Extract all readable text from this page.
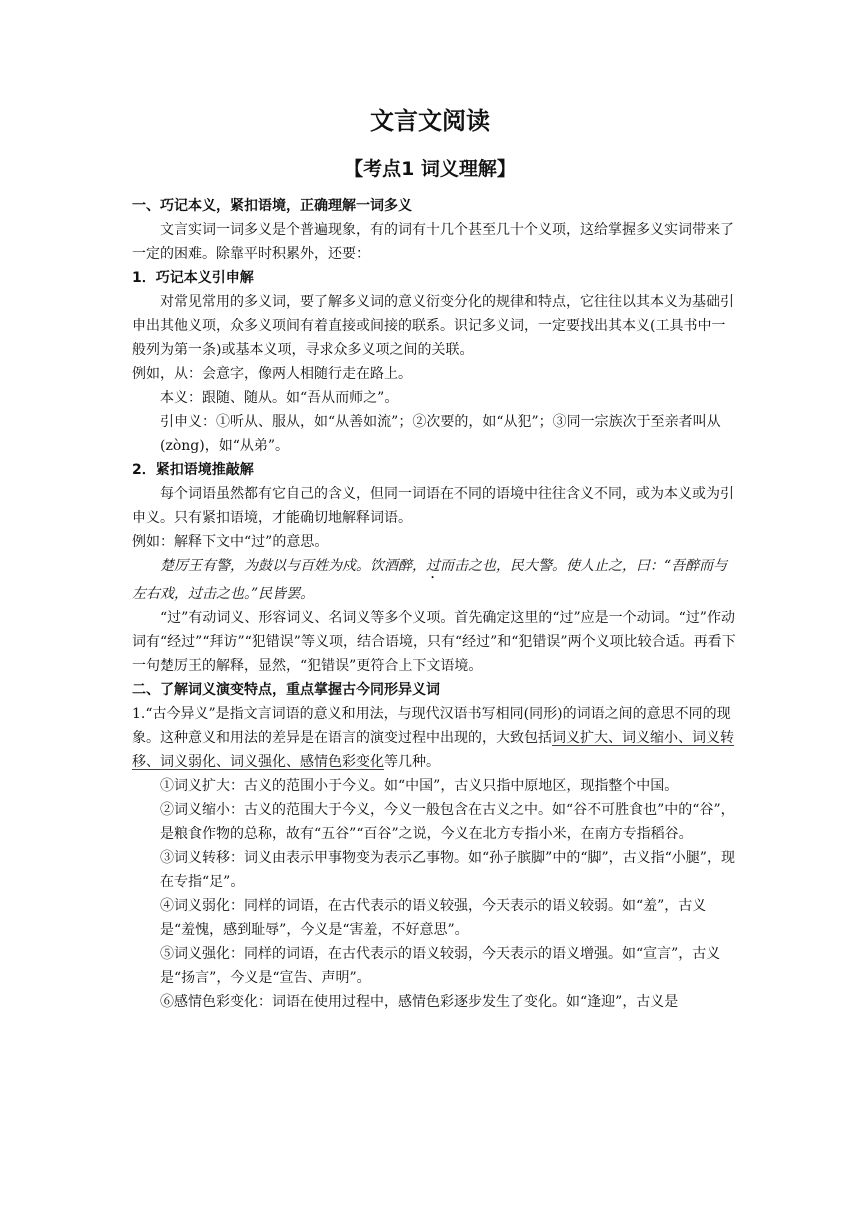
文言文阅读
【考点1 词义理解】

一、巧记本义，紧扣语境，正确理解一词多义

文言实词一词多义是个普遍现象，有的词有十几个甚至几十个义项，这给掌握多义实词带来了一定的困难。除靠平时积累外，还要：

1．巧记本义引申解

对常见常用的多义词，要了解多义词的意义衍变分化的规律和特点，它往往以其本义为基础引申出其他义项，众多义项间有着直接或间接的联系。识记多义词，一定要找出其本义(工具书中一般列为第一条)或基本义项，寻求众多义项之间的关联。

例如，从：会意字，像两人相随行走在路上。

本义：跟随、随从。如“吾从而师之”。

引申义：①听从、服从，如“从善如流”；②次要的，如“从犯”；③同一宗族次于至亲者叫从(zòng)，如“从弟”。

2．紧扣语境推敲解

每个词语虽然都有它自己的含义，但同一词语在不同的语境中往往含义不同，或为本义或为引申义。只有紧扣语境，才能确切地解释词语。

例如：解释下文中“过”的意思。

楚厉王有警，为鼓以与百姓为戍。饮酒醉，过而击之也，民大警。使人止之，曰：“吾醉而与左右戏，过击之也。”民皆罢。

“过”有动词义、形容词义、名词义等多个义项。首先确定这里的“过”应是一个动词。“过”作动词有“经过”“拜访”“犯错误”等义项，结合语境，只有“经过”和“犯错误”两个义项比较合适。再看下一句楚厉王的解释，显然，“犯错误”更符合上下文语境。

二、了解词义演变特点，重点掌握古今同形异义词

1.“古今异义”是指文言词语的意义和用法，与现代汉语书写相同(同形)的词语之间的意思不同的现象。这种意义和用法的差异是在语言的演变过程中出现的，大致包括词义扩大、词义缩小、词义转移、词义弱化、词义强化、感情色彩变化等几种。

①词义扩大：古义的范围小于今义。如“中国”，古义只指中原地区，现指整个中国。

②词义缩小：古义的范围大于今义，今义一般包含在古义之中。如“谷不可胜食也”中的“谷”，是粮食作物的总称，故有“五谷”“百谷”之说，今义在北方专指小米，在南方专指稻谷。

③词义转移：词义由表示甲事物变为表示乙事物。如“孙子膑脚”中的“脚”，古义指“小腿”，现在专指“足”。

④词义弱化：同样的词语，在古代表示的语义较强，今天表示的语义较弱。如“羞”，古义是“羞愧，感到耻辱”，今义是“害羞，不好意思”。

⑤词义强化：同样的词语，在古代表示的语义较弱，今天表示的语义增强。如“宣言”，古义是“扬言”，今义是“宣告、声明”。

⑥感情色彩变化：词语在使用过程中，感情色彩逐步发生了变化。如“逢迎”，古义是
